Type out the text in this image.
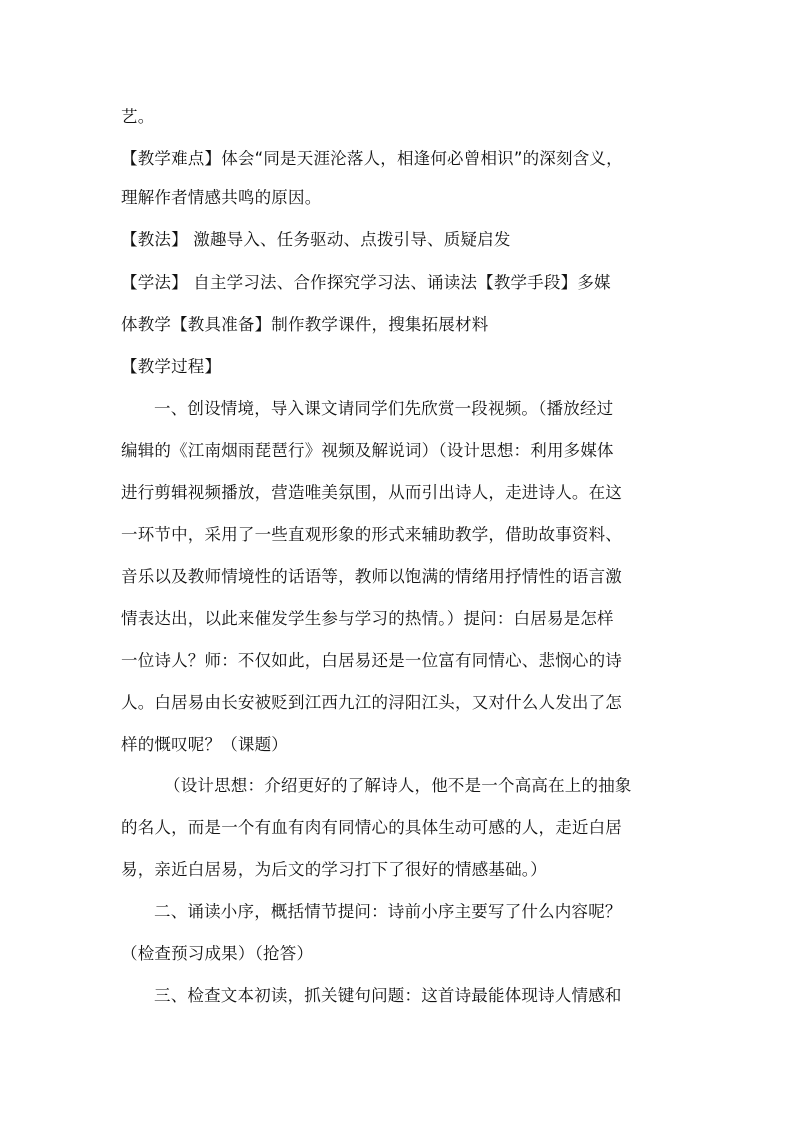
艺。
【教学难点】体会“同是天涯沦落人，相逢何必曾相识”的深刻含义，
理解作者情感共鸣的原因。
【教法】 激趣导入、任务驱动、点拨引导、质疑启发
【学法】 自主学习法、合作探究学习法、诵读法【教学手段】多媒
体教学【教具准备】制作教学课件，搜集拓展材料
【教学过程】
一、创设情境，导入课文请同学们先欣赏一段视频。（播放经过
编辑的《江南烟雨琵琶行》视频及解说词）（设计思想：利用多媒体
进行剪辑视频播放，营造唯美氛围，从而引出诗人，走进诗人。在这
一环节中，采用了一些直观形象的形式来辅助教学，借助故事资料、
音乐以及教师情境性的话语等，教师以饱满的情绪用抒情性的语言激
情表达出，以此来催发学生参与学习的热情。）提问：白居易是怎样
一位诗人？师：不仅如此，白居易还是一位富有同情心、悲悯心的诗
人。白居易由长安被贬到江西九江的浔阳江头，又对什么人发出了怎
样的慨叹呢？（课题）
（设计思想：介绍更好的了解诗人，他不是一个高高在上的抽象
的名人，而是一个有血有肉有同情心的具体生动可感的人，走近白居
易，亲近白居易，为后文的学习打下了很好的情感基础。）
二、诵读小序，概括情节提问：诗前小序主要写了什么内容呢？
（检查预习成果）（抢答）
三、检查文本初读，抓关键句问题：这首诗最能体现诗人情感和
